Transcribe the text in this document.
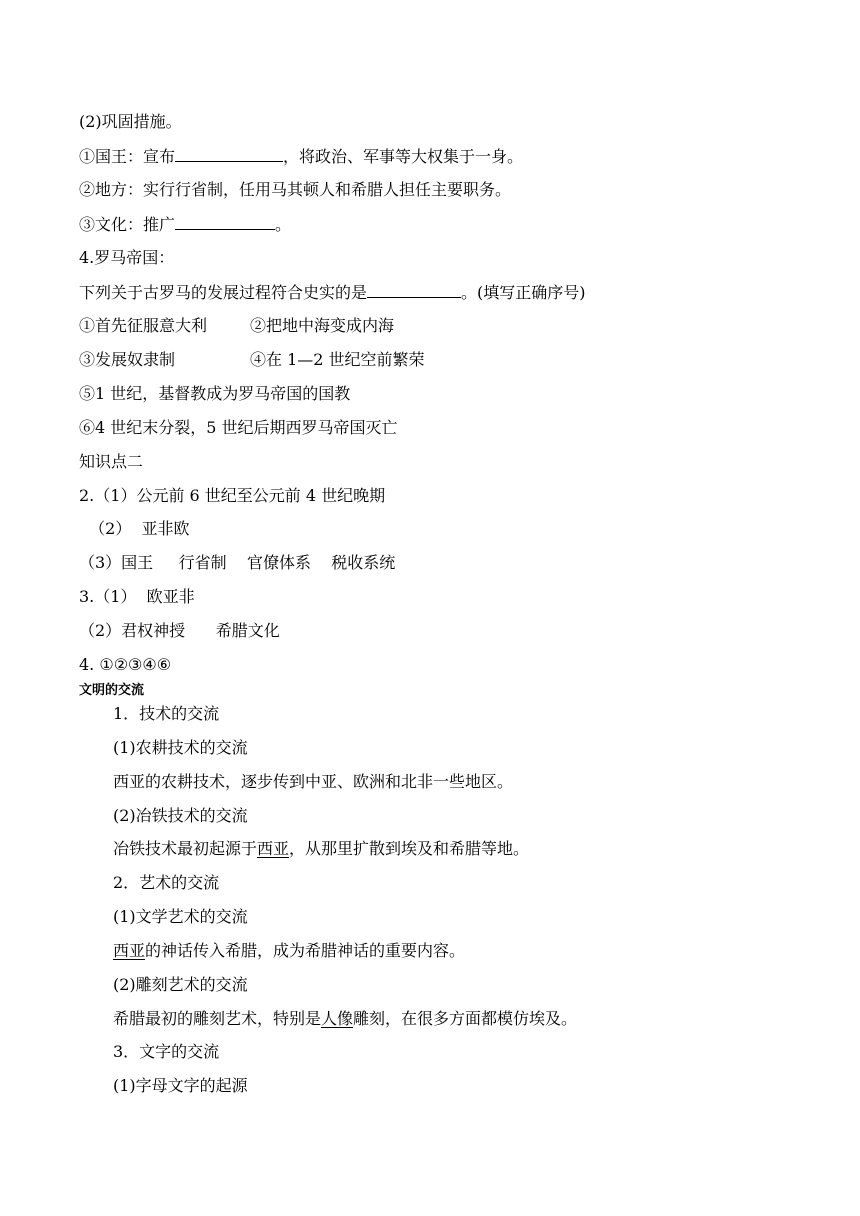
(2)巩固措施。
①国王：宣布	，将政治、军事等大权集于一身。
②地方：实行行省制，任用马其顿人和希腊人担任主要职务。
③文化：推广	。
4.罗马帝国：
下列关于古罗马的发展过程符合史实的是	。(填写正确序号)
①首先征服意大利	②把地中海变成内海
③发展奴隶制	④在 1—2 世纪空前繁荣
⑤1 世纪，基督教成为罗马帝国的国教
⑥4 世纪末分裂，5 世纪后期西罗马帝国灭亡
知识点二
2.（1）公元前 6 世纪至公元前 4 世纪晚期
（2）  亚非欧
（3）国王     行省制    官僚体系    税收系统
3.（1）  欧亚非
（2）君权神授      希腊文化
4. ①②③④⑥
文明的交流
1．技术的交流
(1)农耕技术的交流
西亚的农耕技术，逐步传到中亚、欧洲和北非一些地区。
(2)冶铁技术的交流
冶铁技术最初起源于西亚，从那里扩散到埃及和希腊等地。
2．艺术的交流
(1)文学艺术的交流
西亚的神话传入希腊，成为希腊神话的重要内容。
(2)雕刻艺术的交流
希腊最初的雕刻艺术，特别是人像雕刻，在很多方面都模仿埃及。
3．文字的交流
(1)字母文字的起源
